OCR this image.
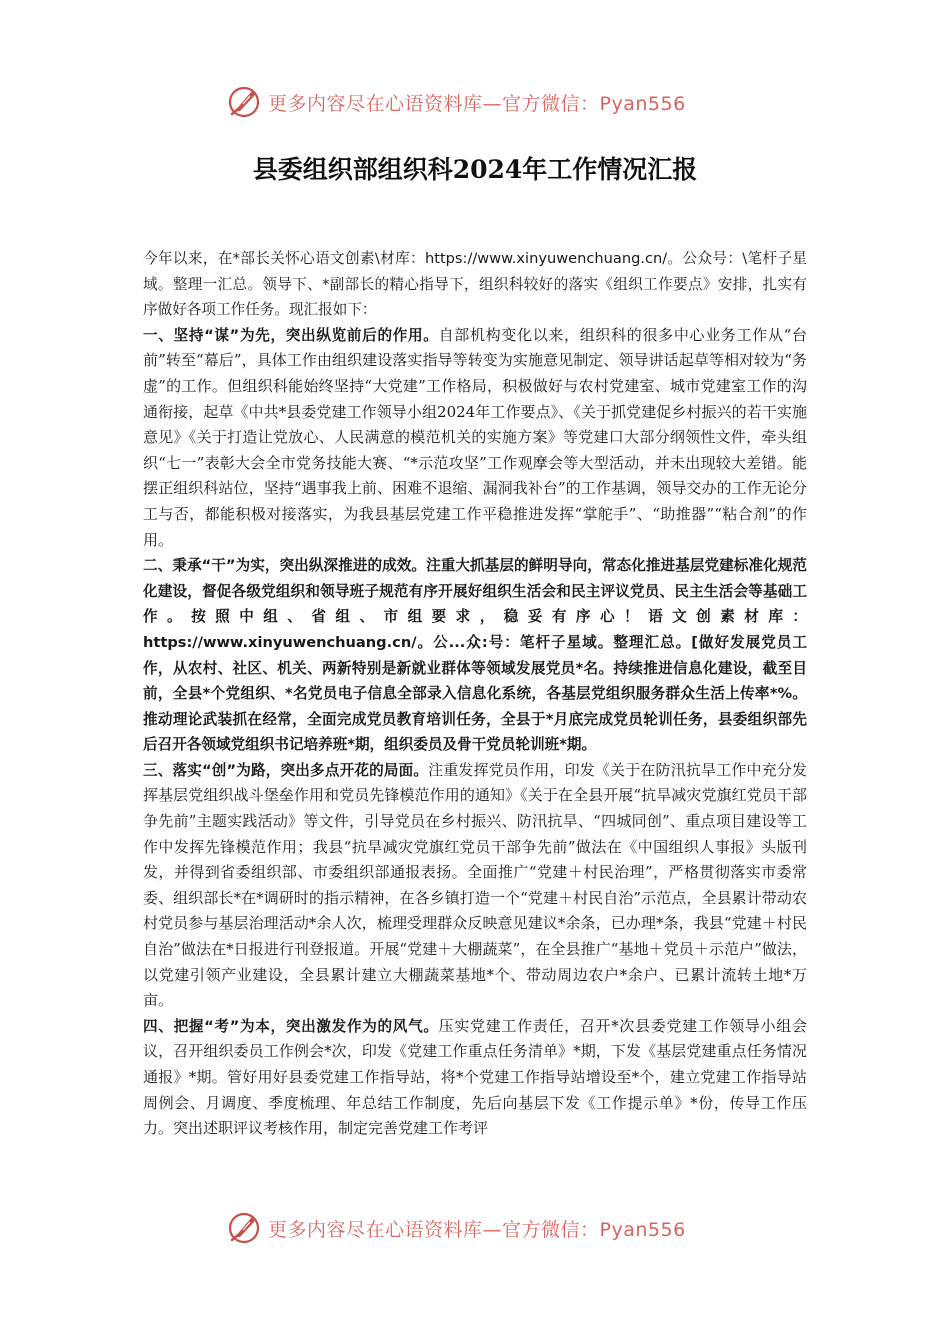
更多内容尽在心语资料库—官方微信：Pyan556
县委组织部组织科2024年工作情况汇报

今年以来，在*部长关怀心语文创素\材库：https://www.xinyuwenchuang.cn/。公众号：\笔杆子星域。整理一汇总。领导下、*副部长的精心指导下，组织科较好的落实《组织工作要点》安排，扎实有序做好各项工作任务。现汇报如下：

一、坚持“谋”为先，突出纵览前后的作用。自部机构变化以来，组织科的很多中心业务工作从“台前”转至“幕后”，具体工作由组织建设落实指导等转变为实施意见制定、领导讲话起草等相对较为“务虚”的工作。但组织科能始终坚持“大党建”工作格局，积极做好与农村党建室、城市党建室工作的沟通衔接，起草《中共*县委党建工作领导小组2024年工作要点》、《关于抓党建促乡村振兴的若干实施意见》《关于打造让党放心、人民满意的模范机关的实施方案》等党建口大部分纲领性文件，牵头组织“七一”表彰大会全市党务技能大赛、“*示范攻坚”工作观摩会等大型活动，并未出现较大差错。能摆正组织科站位，坚持“遇事我上前、困难不退缩、漏洞我补台”的工作基调，领导交办的工作无论分工与否，都能积极对接落实，为我县基层党建工作平稳推进发挥“掌舵手”、“助推器”“粘合剂”的作用。

二、秉承“干”为实，突出纵深推进的成效。注重大抓基层的鲜明导向，常态化推进基层党建标准化规范化建设，督促各级党组织和领导班子规范有序开展好组织生活会和民主评议党员、民主生活会等基础工作。按照中组、省组、市组要求，稳妥有序心！语文创素材库：https://www.xinyuwenchuang.cn/。公...众:号：笔杆子星域。整理汇总。[做好发展党员工作，从农村、社区、机关、两新特别是新就业群体等领域发展党员*名。持续推进信息化建设，截至目前，全县*个党组织、*名党员电子信息全部录入信息化系统，各基层党组织服务群众生活上传率*%。推动理论武装抓在经常，全面完成党员教育培训任务，全县于*月底完成党员轮训任务，县委组织部先后召开各领域党组织书记培养班*期，组织委员及骨干党员轮训班*期。

三、落实“创”为路，突出多点开花的局面。注重发挥党员作用，印发《关于在防汛抗旱工作中充分发挥基层党组织战斗堡垒作用和党员先锋模范作用的通知》《关于在全县开展“抗旱减灾党旗红党员干部争先前”主题实践活动》等文件，引导党员在乡村振兴、防汛抗旱、“四城同创”、重点项目建设等工作中发挥先锋模范作用；我县“抗旱减灾党旗红党员干部争先前”做法在《中国组织人事报》头版刊发，并得到省委组织部、市委组织部通报表扬。全面推广“党建＋村民治理”，严格贯彻落实市委常委、组织部长*在*调研时的指示精神，在各乡镇打造一个“党建＋村民自治”示范点，全县累计带动农村党员参与基层治理活动*余人次，梳理受理群众反映意见建议*余条，已办理*条，我县“党建＋村民自治”做法在*日报进行刊登报道。开展“党建＋大棚蔬菜”，在全县推广“基地＋党员＋示范户”做法，以党建引领产业建设，全县累计建立大棚蔬菜基地*个、带动周边农户*余户、已累计流转土地*万亩。

四、把握“考”为本，突出激发作为的风气。压实党建工作责任，召开*次县委党建工作领导小组会议，召开组织委员工作例会*次，印发《党建工作重点任务清单》*期，下发《基层党建重点任务情况通报》*期。管好用好县委党建工作指导站，将*个党建工作指导站增设至*个，建立党建工作指导站周例会、月调度、季度梳理、年总结工作制度，先后向基层下发《工作提示单》*份，传导工作压力。突出述职评议考核作用，制定完善党建工作考评

更多内容尽在心语资料库—官方微信：Pyan556
